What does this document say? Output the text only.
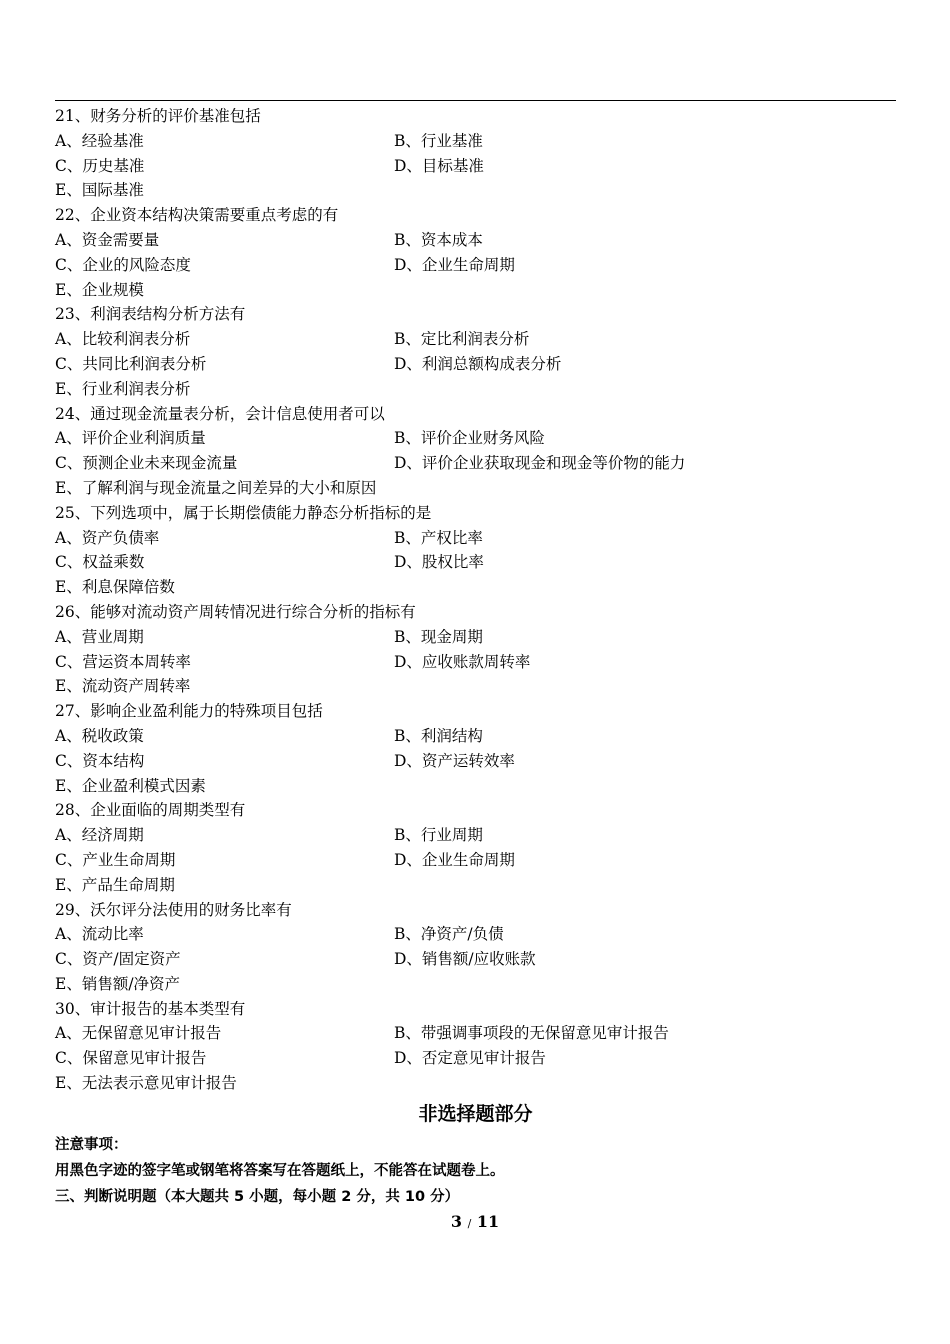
21、财务分析的评价基准包括
A、经验基准	B、行业基准
C、历史基准	D、目标基准
E、国际基准
22、企业资本结构决策需要重点考虑的有
A、资金需要量	B、资本成本
C、企业的风险态度	D、企业生命周期
E、企业规模
23、利润表结构分析方法有
A、比较利润表分析	B、定比利润表分析
C、共同比利润表分析	D、利润总额构成表分析
E、行业利润表分析
24、通过现金流量表分析，会计信息使用者可以
A、评价企业利润质量	B、评价企业财务风险
C、预测企业未来现金流量	D、评价企业获取现金和现金等价物的能力
E、了解利润与现金流量之间差异的大小和原因
25、下列选项中，属于长期偿债能力静态分析指标的是
A、资产负债率	B、产权比率
C、权益乘数	D、股权比率
E、利息保障倍数
26、能够对流动资产周转情况进行综合分析的指标有
A、营业周期	B、现金周期
C、营运资本周转率	D、应收账款周转率
E、流动资产周转率
27、影响企业盈利能力的特殊项目包括
A、税收政策	B、利润结构
C、资本结构	D、资产运转效率
E、企业盈利模式因素
28、企业面临的周期类型有
A、经济周期	B、行业周期
C、产业生命周期	D、企业生命周期
E、产品生命周期
29、沃尔评分法使用的财务比率有
A、流动比率	B、净资产/负债
C、资产/固定资产	D、销售额/应收账款
E、销售额/净资产
30、审计报告的基本类型有
A、无保留意见审计报告	B、带强调事项段的无保留意见审计报告
C、保留意见审计报告	D、否定意见审计报告
E、无法表示意见审计报告
非选择题部分
注意事项：
用黑色字迹的签字笔或钢笔将答案写在答题纸上，不能答在试题卷上。
三、判断说明题（本大题共 5 小题，每小题 2 分，共 10 分）
3 / 11
